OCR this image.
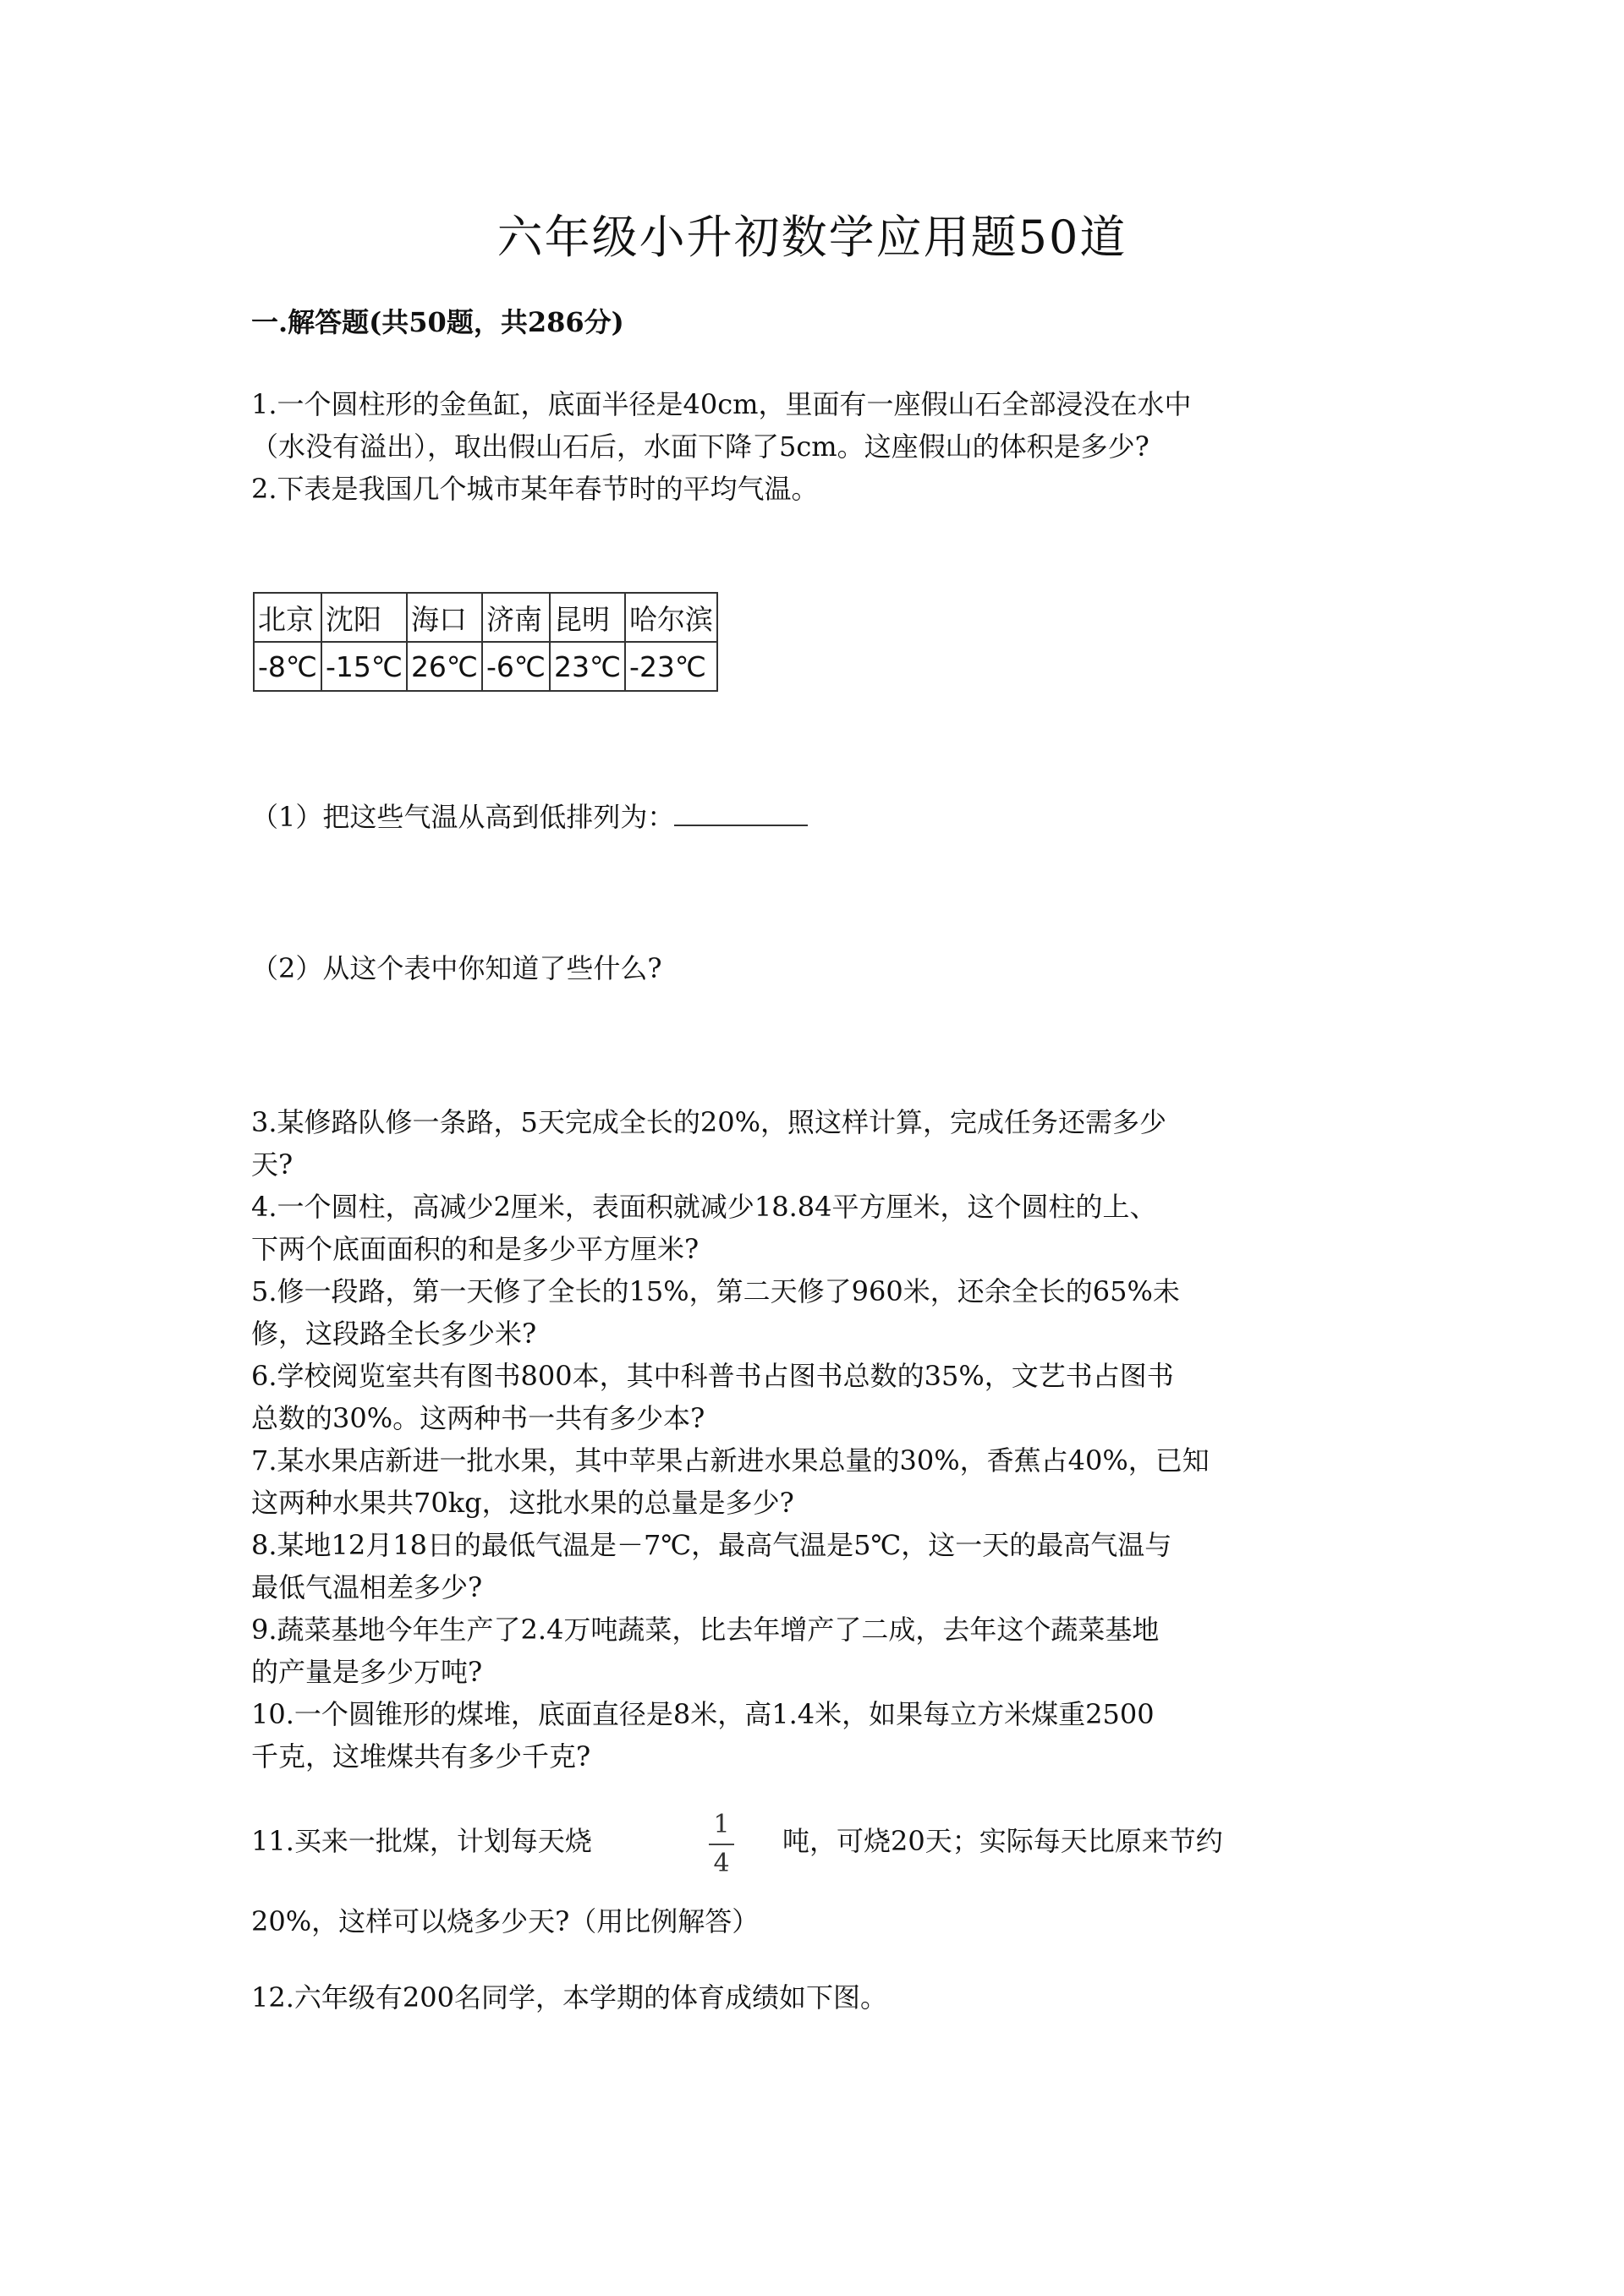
六年级小升初数学应用题50道
一.解答题(共50题，共286分)
1.一个圆柱形的金鱼缸，底面半径是40cm，里面有一座假山石全部浸没在水中
（水没有溢出），取出假山石后，水面下降了5cm。这座假山的体积是多少?
2.下表是我国几个城市某年春节时的平均气温。
北京	沈阳	海口	济南	昆明	哈尔滨
-8℃	-15℃	26℃	-6℃	23℃	-23℃
（1）把这些气温从高到低排列为：
（2）从这个表中你知道了些什么?
3.某修路队修一条路，5天完成全长的20%，照这样计算，完成任务还需多少
天?
4.一个圆柱，高减少2厘米，表面积就减少18.84平方厘米，这个圆柱的上、
下两个底面面积的和是多少平方厘米?
5.修一段路，第一天修了全长的15%，第二天修了960米，还余全长的65%未
修，这段路全长多少米?
6.学校阅览室共有图书800本，其中科普书占图书总数的35%，文艺书占图书
总数的30%。这两种书一共有多少本?
7.某水果店新进一批水果，其中苹果占新进水果总量的30%，香蕉占40%，已知
这两种水果共70kg，这批水果的总量是多少?
8.某地12月18日的最低气温是－7℃，最高气温是5℃，这一天的最高气温与
最低气温相差多少?
9.蔬菜基地今年生产了2.4万吨蔬菜，比去年增产了二成，去年这个蔬菜基地
的产量是多少万吨?
10.一个圆锥形的煤堆，底面直径是8米，高1.4米，如果每立方米煤重2500
千克，这堆煤共有多少千克?
11.买来一批煤，计划每天烧
1
4
吨，可烧20天；实际每天比原来节约
20%，这样可以烧多少天?（用比例解答）
12.六年级有200名同学，本学期的体育成绩如下图。
